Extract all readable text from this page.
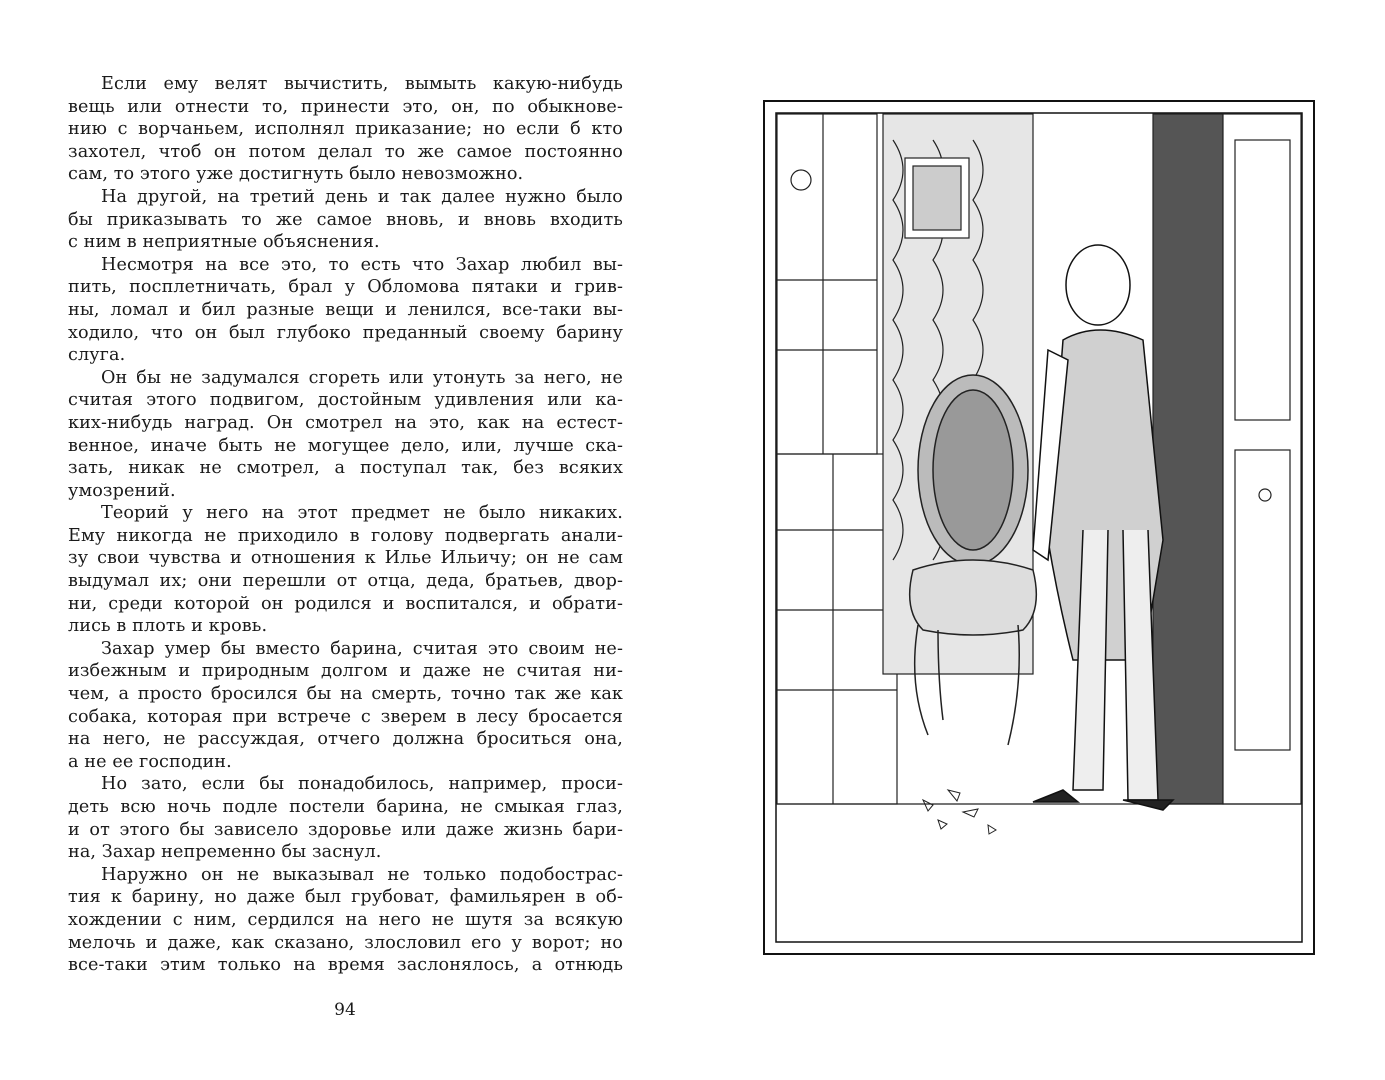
Если ему велят вычистить, вымыть какую-нибудь
вещь или отнести то, принести это, он, по обыкнове-
нию с ворчаньем, исполнял приказание; но если б кто
захотел, чтоб он потом делал то же самое постоянно
сам, то этого уже достигнуть было невозможно.
На другой, на третий день и так далее нужно было
бы приказывать то же самое вновь, и вновь входить
с ним в неприятные объяснения.
Несмотря на все это, то есть что Захар любил вы-
пить, посплетничать, брал у Обломова пятаки и грив-
ны, ломал и бил разные вещи и ленился, все-таки вы-
ходило, что он был глубоко преданный своему барину
слуга.
Он бы не задумался сгореть или утонуть за него, не
считая этого подвигом, достойным удивления или ка-
ких-нибудь наград. Он смотрел на это, как на естест-
венное, иначе быть не могущее дело, или, лучше ска-
зать, никак не смотрел, а поступал так, без всяких
умозрений.
Теорий у него на этот предмет не было никаких.
Ему никогда не приходило в голову подвергать анали-
зу свои чувства и отношения к Илье Ильичу; он не сам
выдумал их; они перешли от отца, деда, братьев, двор-
ни, среди которой он родился и воспитался, и обрати-
лись в плоть и кровь.
Захар умер бы вместо барина, считая это своим не-
избежным и природным долгом и даже не считая ни-
чем, а просто бросился бы на смерть, точно так же как
собака, которая при встрече с зверем в лесу бросается
на него, не рассуждая, отчего должна броситься она,
а не ее господин.
Но зато, если бы понадобилось, например, проси-
деть всю ночь подле постели барина, не смыкая глаз,
и от этого бы зависело здоровье или даже жизнь бари-
на, Захар непременно бы заснул.
Наружно он не выказывал не только подобострас-
тия к барину, но даже был грубоват, фамильярен в об-
хождении с ним, сердился на него не шутя за всякую
мелочь и даже, как сказано, злословил его у ворот; но
все-таки этим только на время заслонялось, а отнюдь
94
